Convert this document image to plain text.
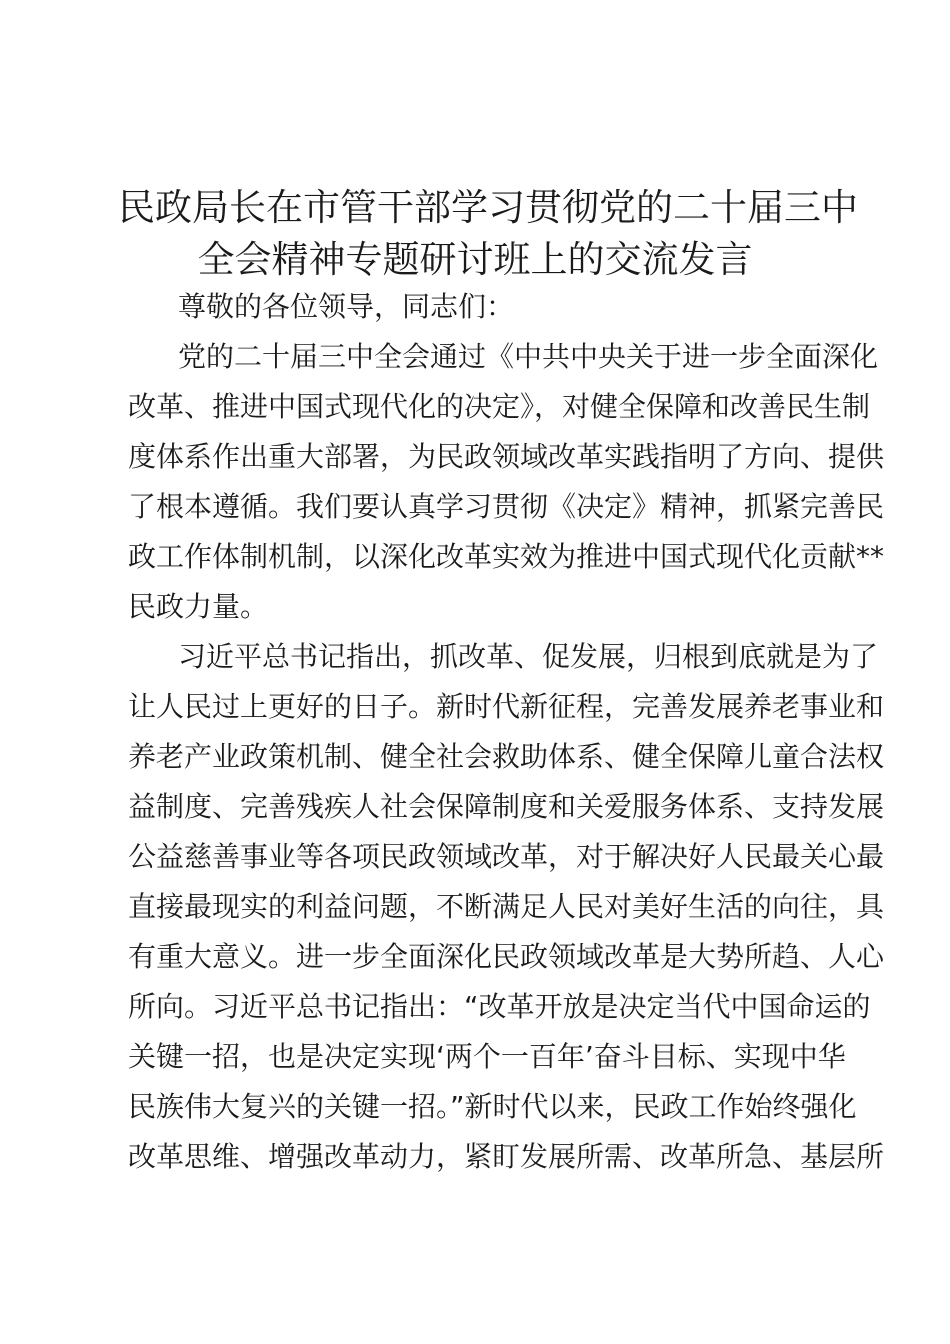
民政局长在市管干部学习贯彻党的二十届三中
全会精神专题研讨班上的交流发言
尊敬的各位领导，同志们：
党的二十届三中全会通过《中共中央关于进一步全面深化
改革、推进中国式现代化的决定》，对健全保障和改善民生制
度体系作出重大部署，为民政领域改革实践指明了方向、提供
了根本遵循。我们要认真学习贯彻《决定》精神，抓紧完善民
政工作体制机制，以深化改革实效为推进中国式现代化贡献**
民政力量。
习近平总书记指出，抓改革、促发展，归根到底就是为了
让人民过上更好的日子。新时代新征程，完善发展养老事业和
养老产业政策机制、健全社会救助体系、健全保障儿童合法权
益制度、完善残疾人社会保障制度和关爱服务体系、支持发展
公益慈善事业等各项民政领域改革，对于解决好人民最关心最
直接最现实的利益问题，不断满足人民对美好生活的向往，具
有重大意义。进一步全面深化民政领域改革是大势所趋、人心
所向。习近平总书记指出：“改革开放是决定当代中国命运的
关键一招，也是决定实现‘两个一百年’奋斗目标、实现中华
民族伟大复兴的关键一招。”新时代以来，民政工作始终强化
改革思维、增强改革动力，紧盯发展所需、改革所急、基层所
